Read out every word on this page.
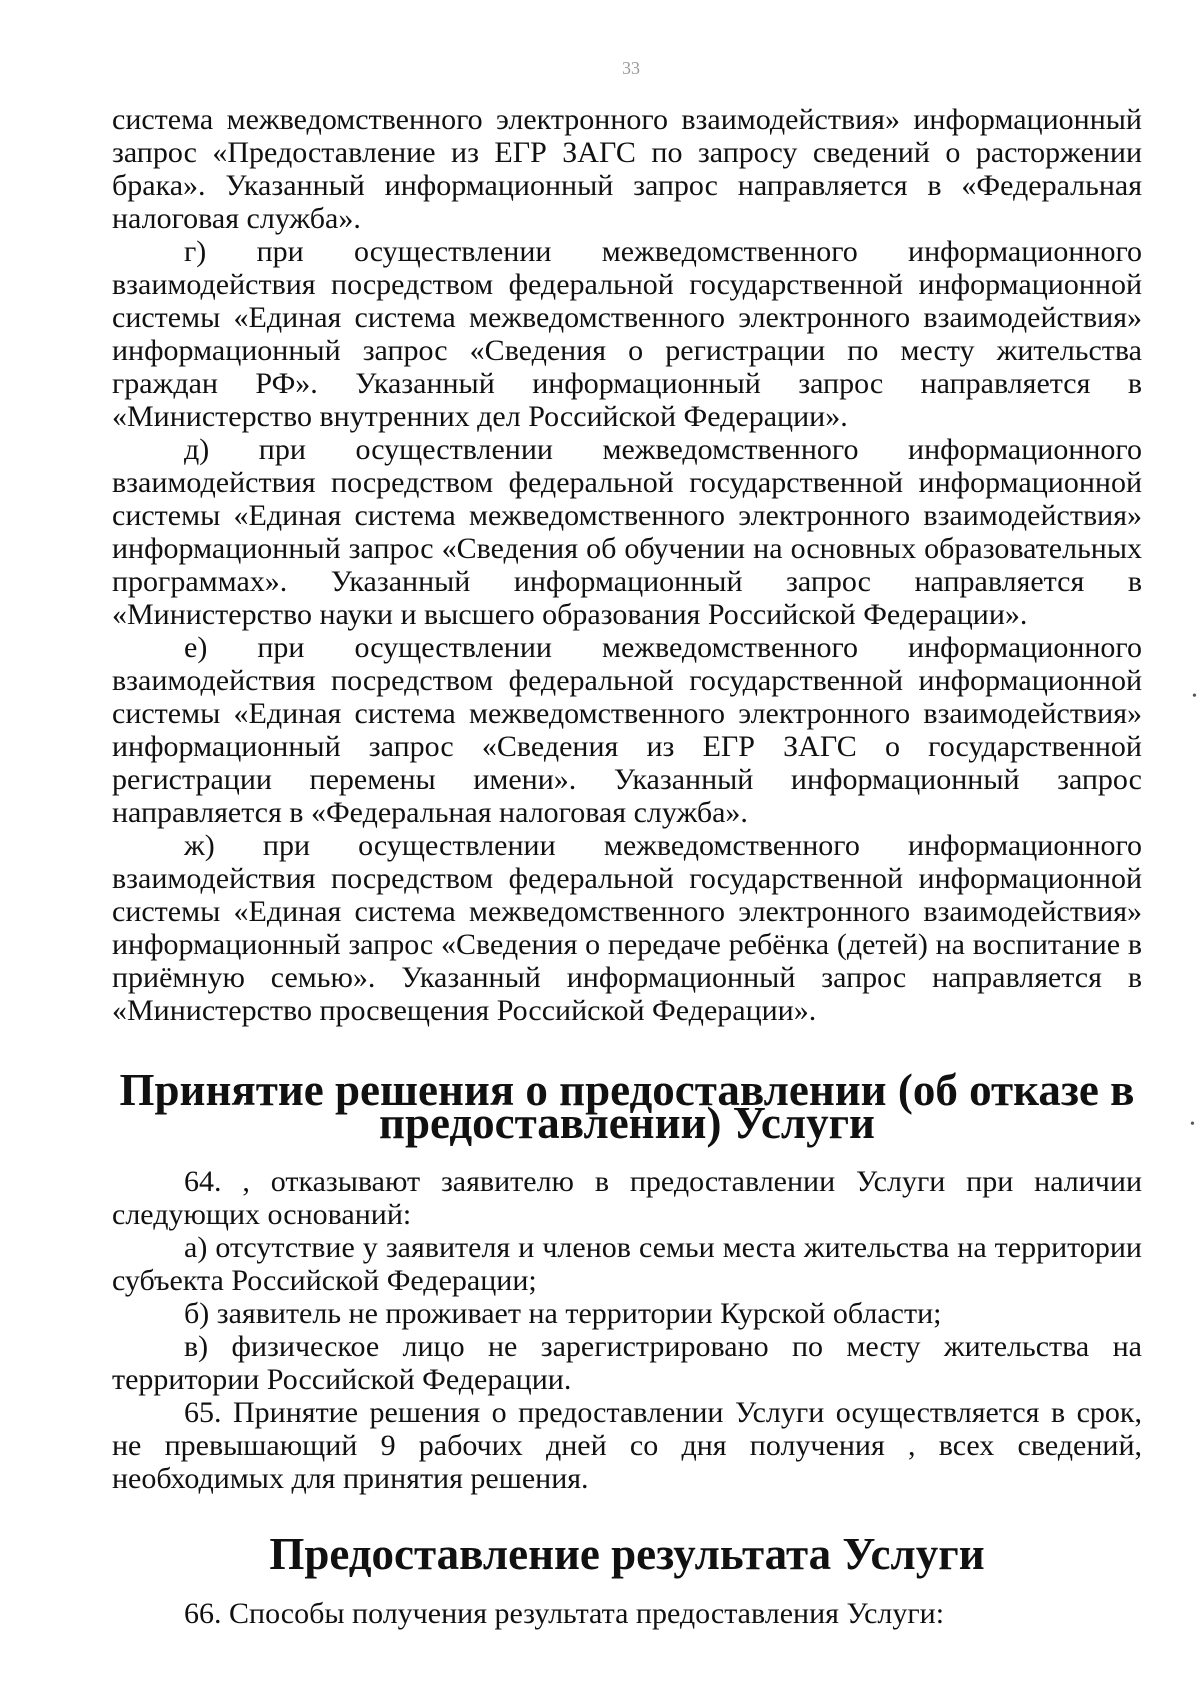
33

система межведомственного электронного взаимодействия» информационный запрос «Предоставление из ЕГР ЗАГС по запросу сведений о расторжении брака». Указанный информационный запрос направляется в «Федеральная налоговая служба».

г) при осуществлении межведомственного информационного взаимодействия посредством федеральной государственной информационной системы «Единая система межведомственного электронного взаимодействия» информационный запрос «Сведения о регистрации по месту жительства граждан РФ». Указанный информационный запрос направляется в «Министерство внутренних дел Российской Федерации».

д) при осуществлении межведомственного информационного взаимодействия посредством федеральной государственной информационной системы «Единая система межведомственного электронного взаимодействия» информационный запрос «Сведения об обучении на основных образовательных программах». Указанный информационный запрос направляется в «Министерство науки и высшего образования Российской Федерации».

е) при осуществлении межведомственного информационного взаимодействия посредством федеральной государственной информационной системы «Единая система межведомственного электронного взаимодействия» информационный запрос «Сведения из ЕГР ЗАГС о государственной регистрации перемены имени». Указанный информационный запрос направляется в «Федеральная налоговая служба».

ж) при осуществлении межведомственного информационного взаимодействия посредством федеральной государственной информационной системы «Единая система межведомственного электронного взаимодействия» информационный запрос «Сведения о передаче ребёнка (детей) на воспитание в приёмную семью». Указанный информационный запрос направляется в «Министерство просвещения Российской Федерации».

Принятие решения о предоставлении (об отказе в предоставлении) Услуги

64. , отказывают заявителю в предоставлении Услуги при наличии следующих оснований:

а) отсутствие у заявителя и членов семьи места жительства на территории субъекта Российской Федерации;

б) заявитель не проживает на территории Курской области;

в) физическое лицо не зарегистрировано по месту жительства на территории Российской Федерации.

65. Принятие решения о предоставлении Услуги осуществляется в срок, не превышающий 9 рабочих дней со дня получения , всех сведений, необходимых для принятия решения.

Предоставление результата Услуги

66. Способы получения результата предоставления Услуги:

•
•
